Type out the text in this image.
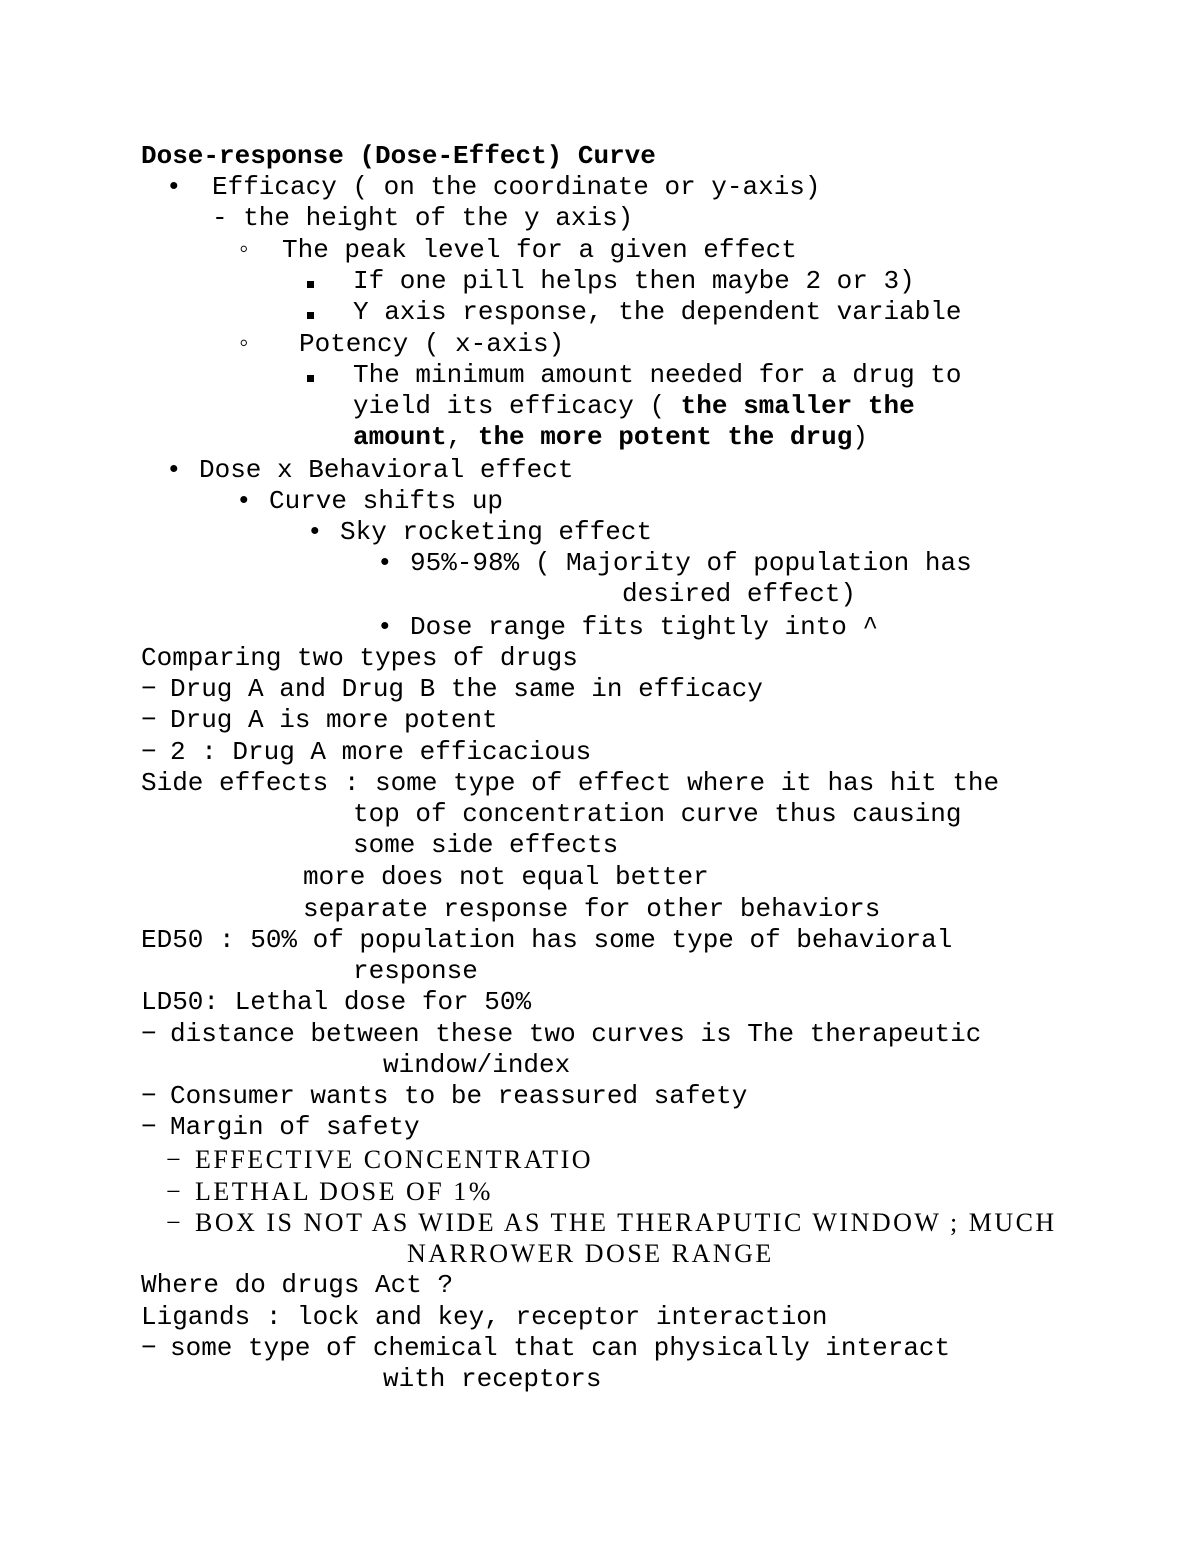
Dose-response (Dose-Effect) Curve
• Efficacy ( on the coordinate or y-axis)
- the height of the y axis)
◦ The peak level for a given effect
If one pill helps then maybe 2 or 3)
Y axis response, the dependent variable
◦ Potency ( x-axis)
The minimum amount needed for a drug to
yield its efficacy ( the smaller the
amount, the more potent the drug)
• Dose x Behavioral effect
• Curve shifts up
• Sky rocketing effect
• 95%-98% ( Majority of population has
desired effect)
• Dose range fits tightly into ^
Comparing two types of drugs
− Drug A and Drug B the same in efficacy
− Drug A is more potent
− 2 : Drug A more efficacious
Side effects : some type of effect where it has hit the
top of concentration curve thus causing
some side effects
more does not equal better
separate response for other behaviors
ED50 : 50% of population has some type of behavioral
response
LD50: Lethal dose for 50%
− distance between these two curves is The therapeutic
window/index
− Consumer wants to be reassured safety
− Margin of safety
− EFFECTIVE CONCENTRATIO
− LETHAL DOSE OF 1%
− BOX IS NOT AS WIDE AS THE THERAPUTIC WINDOW ; MUCH
NARROWER DOSE RANGE
Where do drugs Act ?
Ligands : lock and key, receptor interaction
− some type of chemical that can physically interact
with receptors
